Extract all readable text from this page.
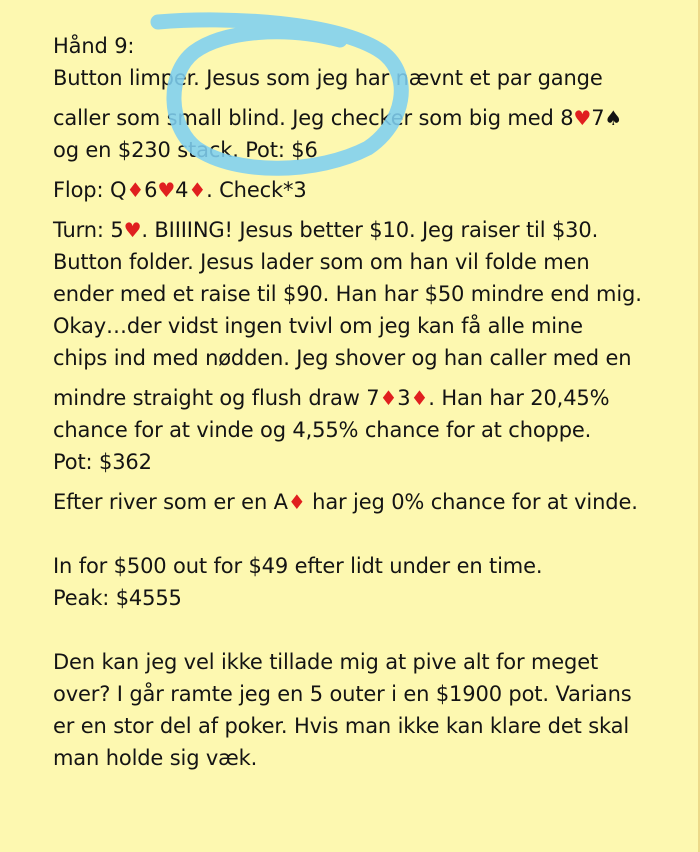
Hånd 9:
Button limper. Jesus som jeg har nævnt et par gange
caller som small blind. Jeg checker som big med 8♥7♠
og en $230 stack. Pot: $6
Flop: Q♦6♥4♦. Check*3
Turn: 5♥. BIIIING! Jesus better $10. Jeg raiser til $30.
Button folder. Jesus lader som om han vil folde men
ender med et raise til $90. Han har $50 mindre end mig.
Okay…der vidst ingen tvivl om jeg kan få alle mine
chips ind med nødden. Jeg shover og han caller med en
mindre straight og flush draw 7♦3♦. Han har 20,45%
chance for at vinde og 4,55% chance for at choppe.
Pot: $362
Efter river som er en A♦ har jeg 0% chance for at vinde.
In for $500 out for $49 efter lidt under en time.
Peak: $4555
Den kan jeg vel ikke tillade mig at pive alt for meget
over? I går ramte jeg en 5 outer i en $1900 pot. Varians
er en stor del af poker. Hvis man ikke kan klare det skal
man holde sig væk.
